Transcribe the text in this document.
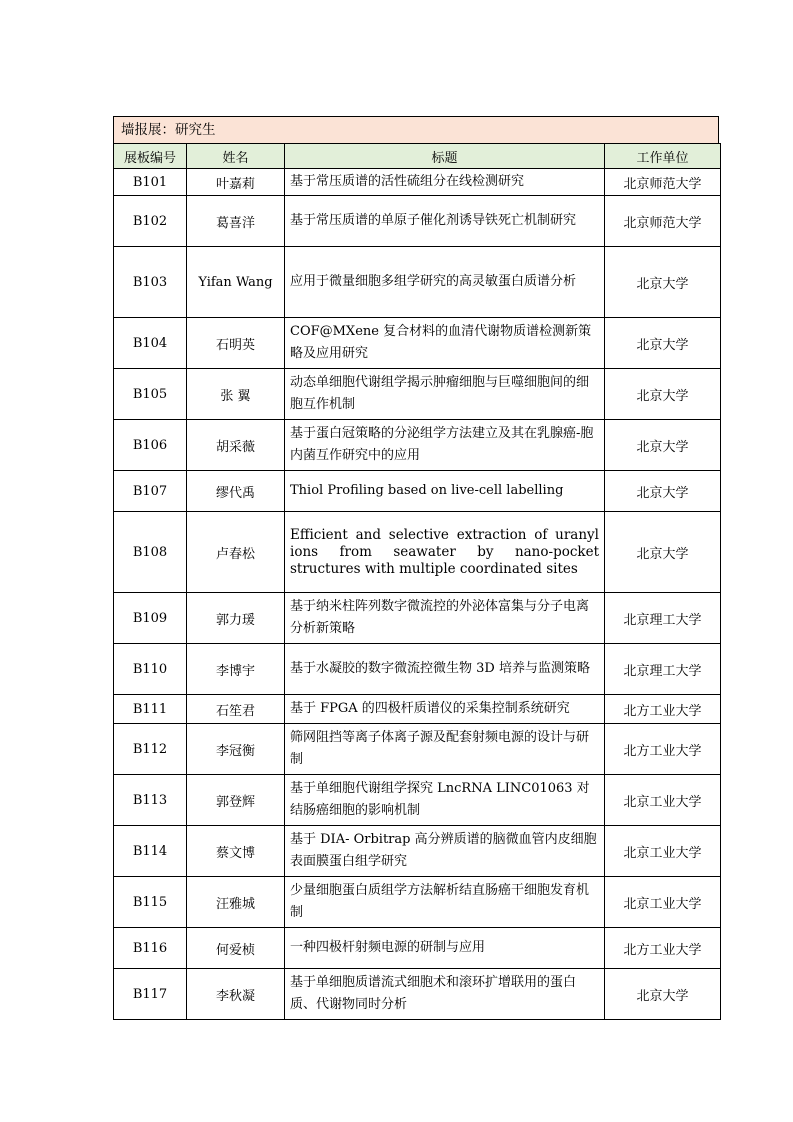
墙报展：研究生
展板编号	姓名	标题	工作单位
B101	叶嘉莉	基于常压质谱的活性硫组分在线检测研究	北京师范大学
B102	葛喜洋	基于常压质谱的单原子催化剂诱导铁死亡机制研究	北京师范大学
B103	Yifan Wang	应用于微量细胞多组学研究的高灵敏蛋白质谱分析	北京大学
B104	石明英	COF@MXene 复合材料的血清代谢物质谱检测新策略及应用研究	北京大学
B105	张 翼	动态单细胞代谢组学揭示肿瘤细胞与巨噬细胞间的细胞互作机制	北京大学
B106	胡采薇	基于蛋白冠策略的分泌组学方法建立及其在乳腺癌-胞内菌互作研究中的应用	北京大学
B107	缪代禹	Thiol Profiling based on live-cell labelling	北京大学
B108	卢春松	Efficient and selective extraction of uranyl ions from seawater by nano-pocket structures with multiple coordinated sites	北京大学
B109	郭力瑗	基于纳米柱阵列数字微流控的外泌体富集与分子电离分析新策略	北京理工大学
B110	李博宇	基于水凝胶的数字微流控微生物 3D 培养与监测策略	北京理工大学
B111	石笙君	基于 FPGA 的四极杆质谱仪的采集控制系统研究	北方工业大学
B112	李冠衡	筛网阻挡等离子体离子源及配套射频电源的设计与研制	北方工业大学
B113	郭登辉	基于单细胞代谢组学探究 LncRNA LINC01063 对结肠癌细胞的影响机制	北京工业大学
B114	蔡文博	基于 DIA- Orbitrap 高分辨质谱的脑微血管内皮细胞表面膜蛋白组学研究	北京工业大学
B115	汪雅城	少量细胞蛋白质组学方法解析结直肠癌干细胞发育机制	北京工业大学
B116	何爱桢	一种四极杆射频电源的研制与应用	北方工业大学
B117	李秋凝	基于单细胞质谱流式细胞术和滚环扩增联用的蛋白质、代谢物同时分析	北京大学
